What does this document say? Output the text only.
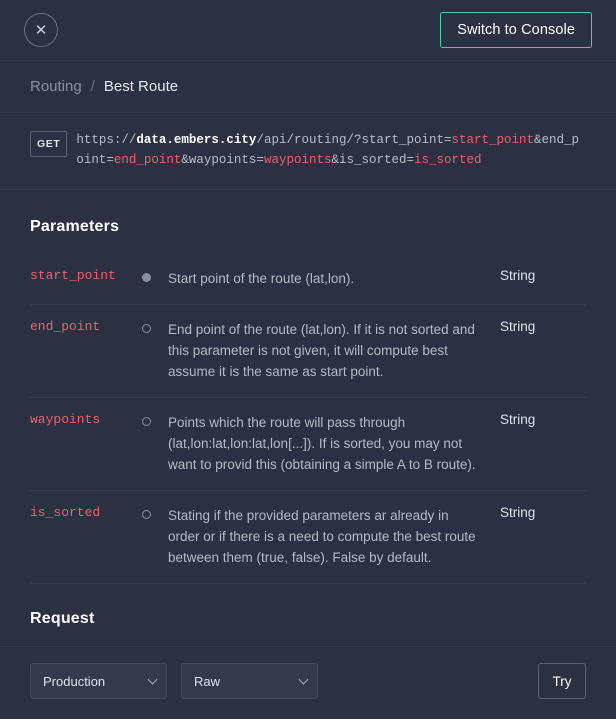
✕	Switch to Console
Routing / Best Route
GET	https://data.embers.city/api/routing/?start_point=start_point&end_point=end_point&waypoints=waypoints&is_sorted=is_sorted
Parameters
start_point		Start point of the route (lat,lon).	String
end_point		End point of the route (lat,lon). If it is not sorted and this parameter is not given, it will compute best assume it is the same as start point.	String
waypoints		Points which the route will pass through (lat,lon:lat,lon:lat,lon[...]). If is sorted, you may not want to provid this (obtaining a simple A to B route).	String
is_sorted		Stating if the provided parameters ar already in order or if there is a need to compute the best route between them (true, false). False by default.	String
Request
Production	Raw	Try
